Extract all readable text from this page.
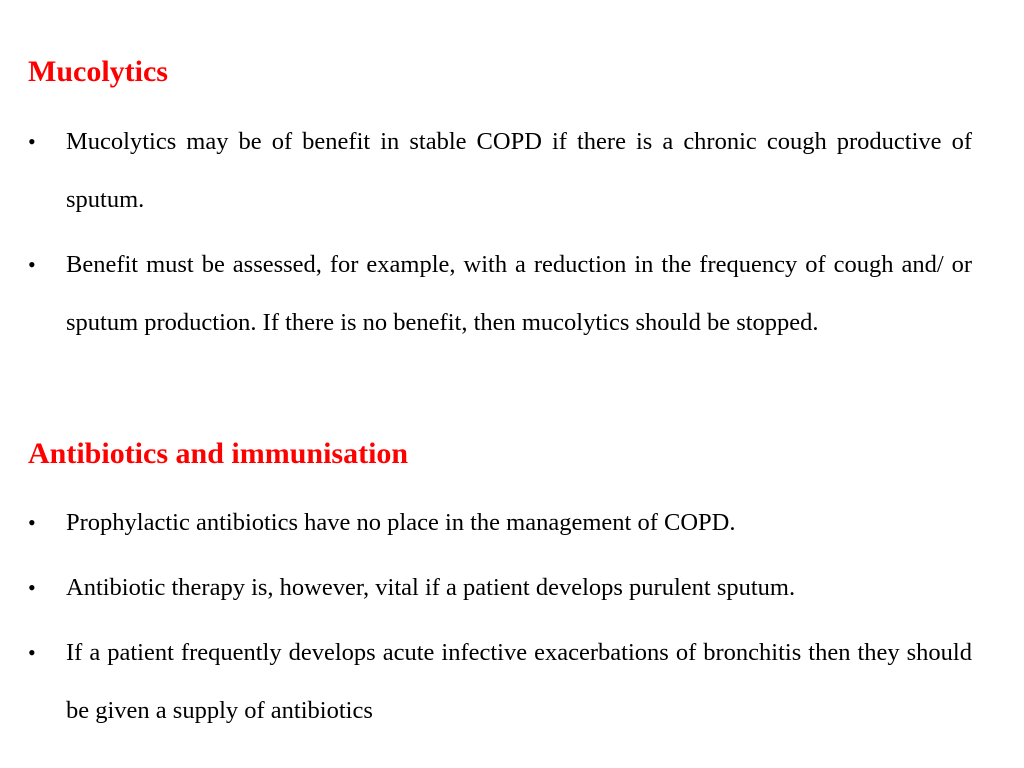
Mucolytics
•	Mucolytics may be of benefit in stable COPD if there is a chronic cough productive of sputum.
•	Benefit must be assessed, for example, with a reduction in the frequency of cough and/ or sputum production. If there is no benefit, then mucolytics should be stopped.
Antibiotics and immunisation
•	Prophylactic antibiotics have no place in the management of COPD.
•	Antibiotic therapy is, however, vital if a patient develops purulent sputum.
•	If a patient frequently develops acute infective exacerbations of bronchitis then they should be given a supply of antibiotics
